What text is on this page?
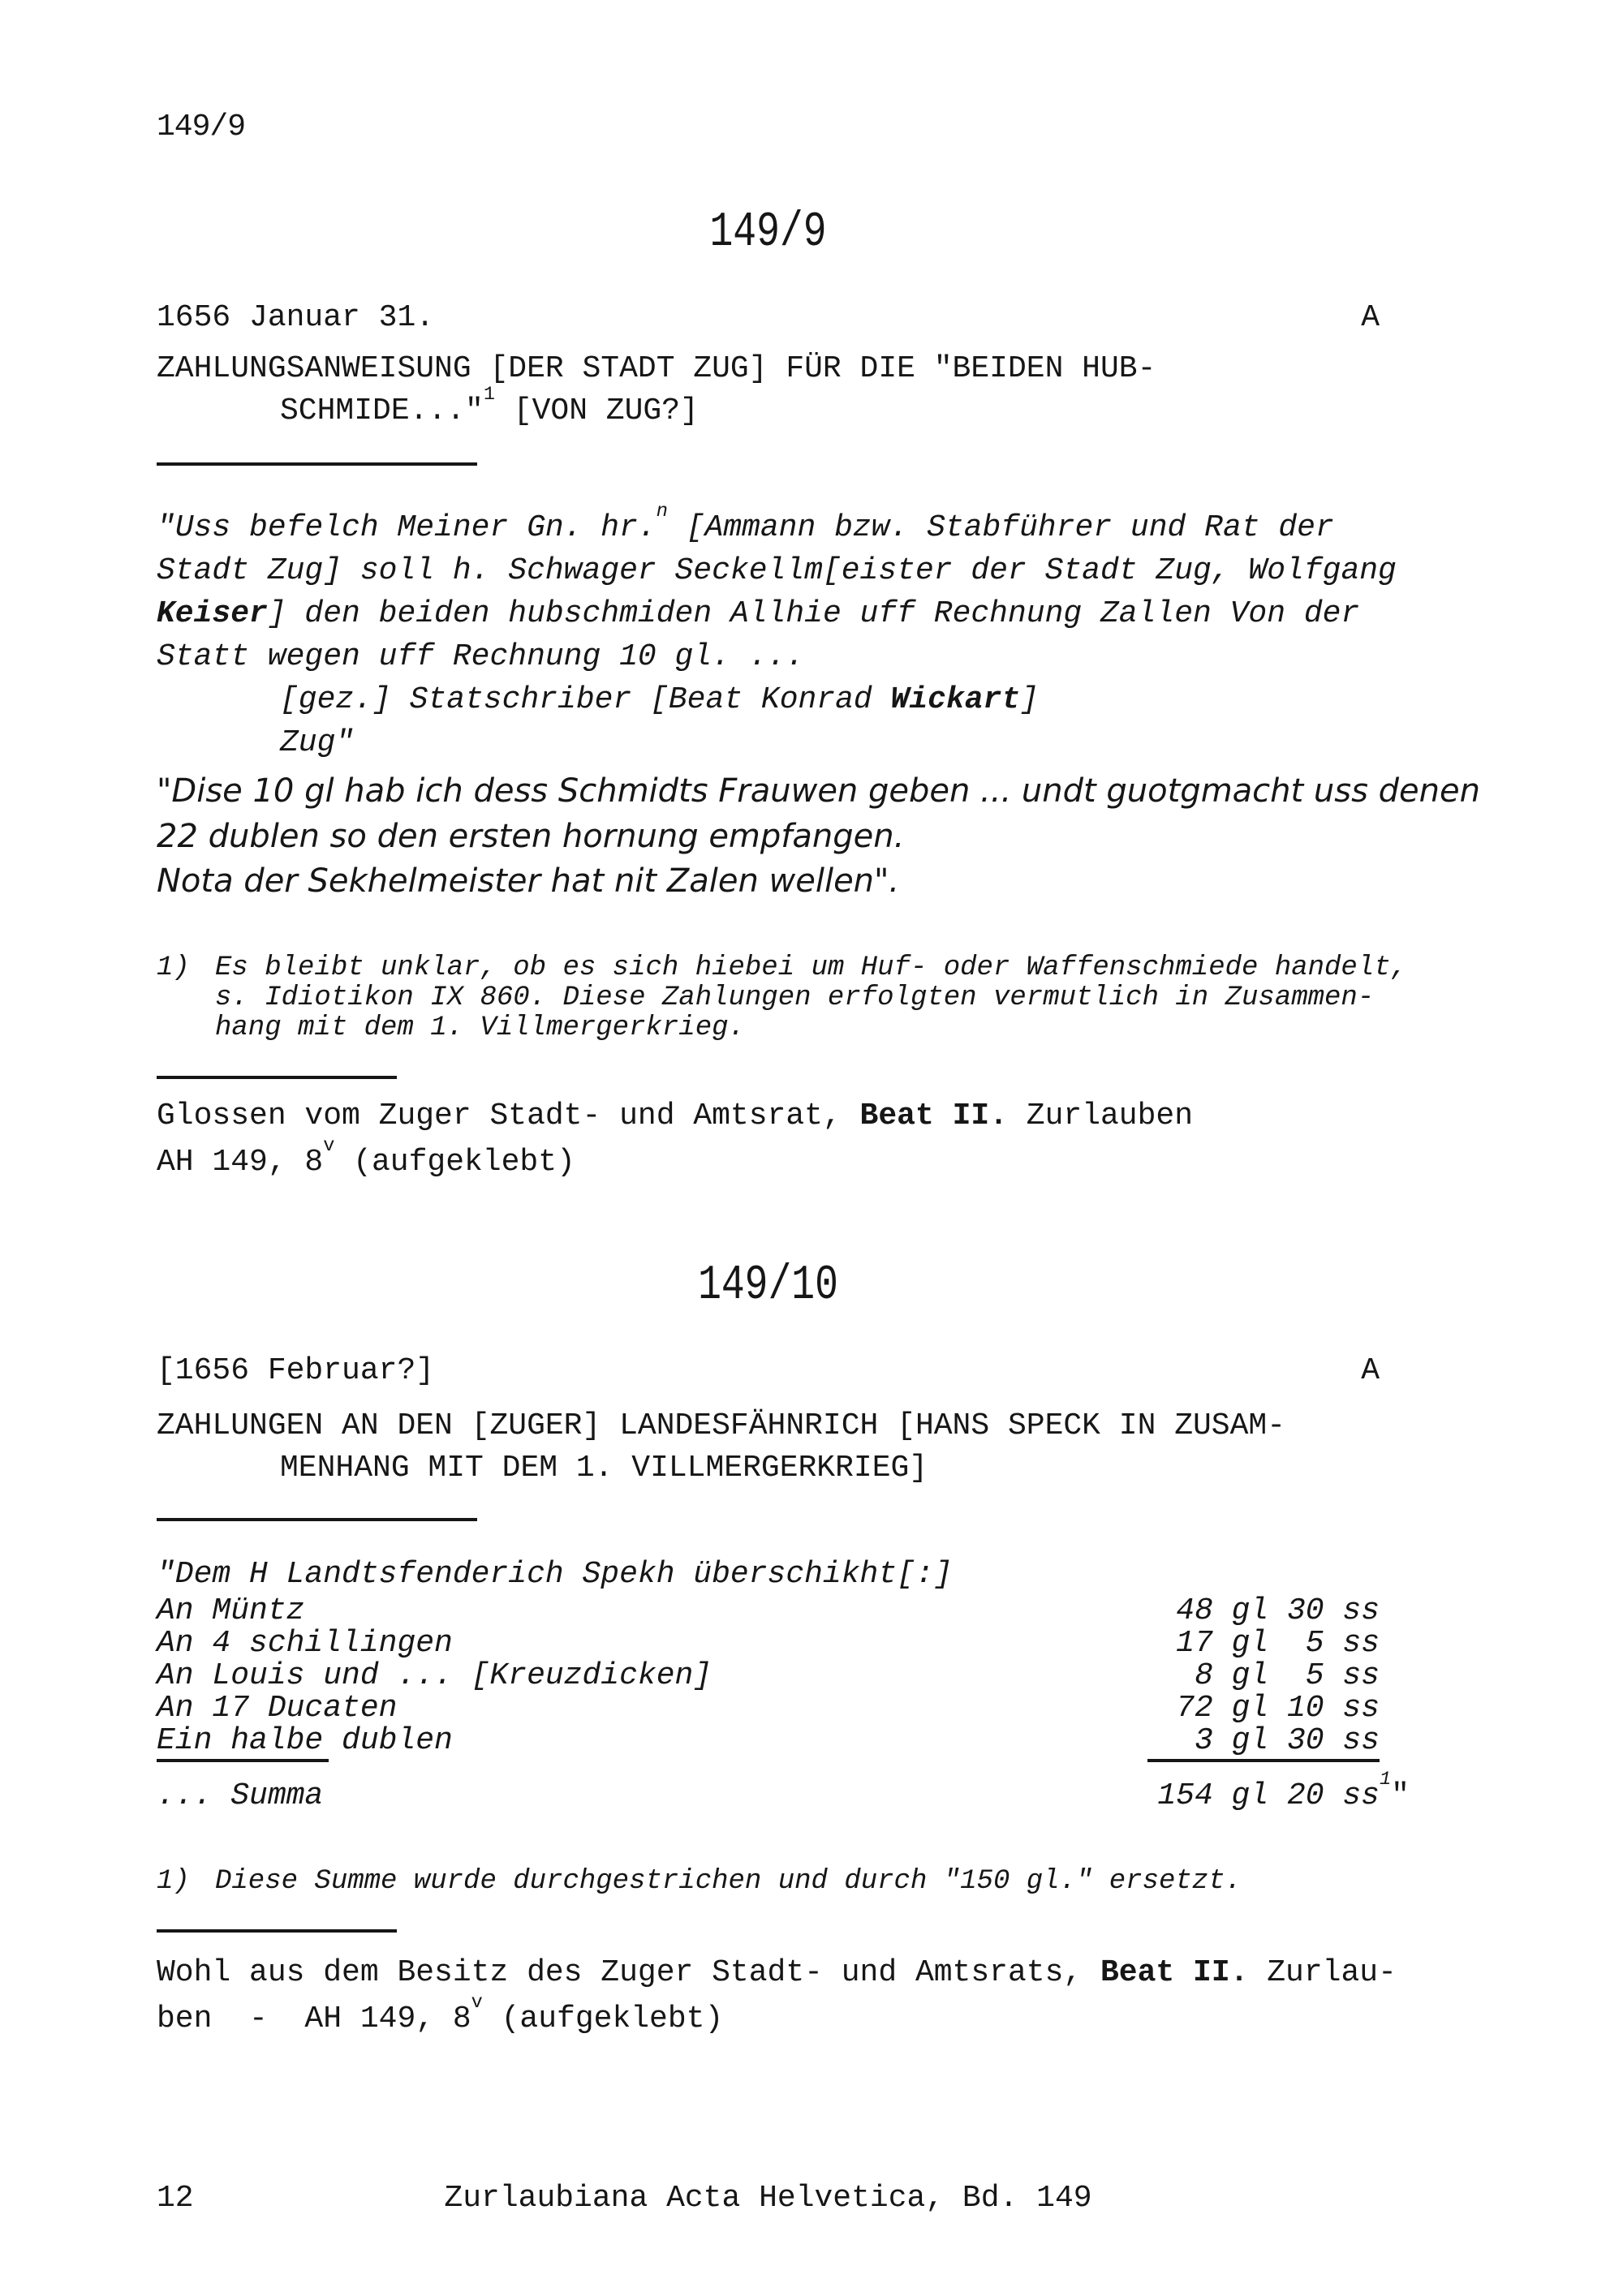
149/9
149/9
1656 Januar 31.	A
ZAHLUNGSANWEISUNG [DER STADT ZUG] FÜR DIE "BEIDEN HUB-
SCHMIDE..."$^1$ [VON ZUG?]
"Uss befelch Meiner Gn. hr.$^n$ [Ammann bzw. Stabführer und Rat der
Stadt Zug] soll h. Schwager Seckellm[eister der Stadt Zug, Wolfgang
Keiser] den beiden hubschmiden Allhie uff Rechnung Zallen Von der
Statt wegen uff Rechnung 10 gl. ...
[gez.] Statschriber [Beat Konrad Wickart]
Zug"
"Dise 10 gl hab ich dess Schmidts Frauwen geben ... undt guotgmacht uss denen
22 dublen so den ersten hornung empfangen.
Nota der Sekhelmeister hat nit Zalen wellen".
1) Es bleibt unklar, ob es sich hiebei um Huf- oder Waffenschmiede handelt,
s. Idiotikon IX 860. Diese Zahlungen erfolgten vermutlich in Zusammen-
hang mit dem 1. Villmergerkrieg.
Glossen vom Zuger Stadt- und Amtsrat, Beat II. Zurlauben
AH 149, 8$^v$ (aufgeklebt)
149/10
[1656 Februar?]	A
ZAHLUNGEN AN DEN [ZUGER] LANDESFÄHNRICH [HANS SPECK IN ZUSAM-
MENHANG MIT DEM 1. VILLMERGERKRIEG]
"Dem H Landtsfenderich Spekh überschikht[:]
An Müntz	48 gl 30 ss
An 4 schillingen	17 gl  5 ss
An Louis und ... [Kreuzdicken]	8 gl  5 ss
An 17 Ducaten	72 gl 10 ss
Ein halbe dublen	3 gl 30 ss
... Summa	154 gl 20 $ss^1$"
1) Diese Summe wurde durchgestrichen und durch "150 gl." ersetzt.
Wohl aus dem Besitz des Zuger Stadt- und Amtsrats, Beat II. Zurlau-
ben  -  AH 149, 8$^v$ (aufgeklebt)
12	Zurlaubiana Acta Helvetica, Bd. 149
